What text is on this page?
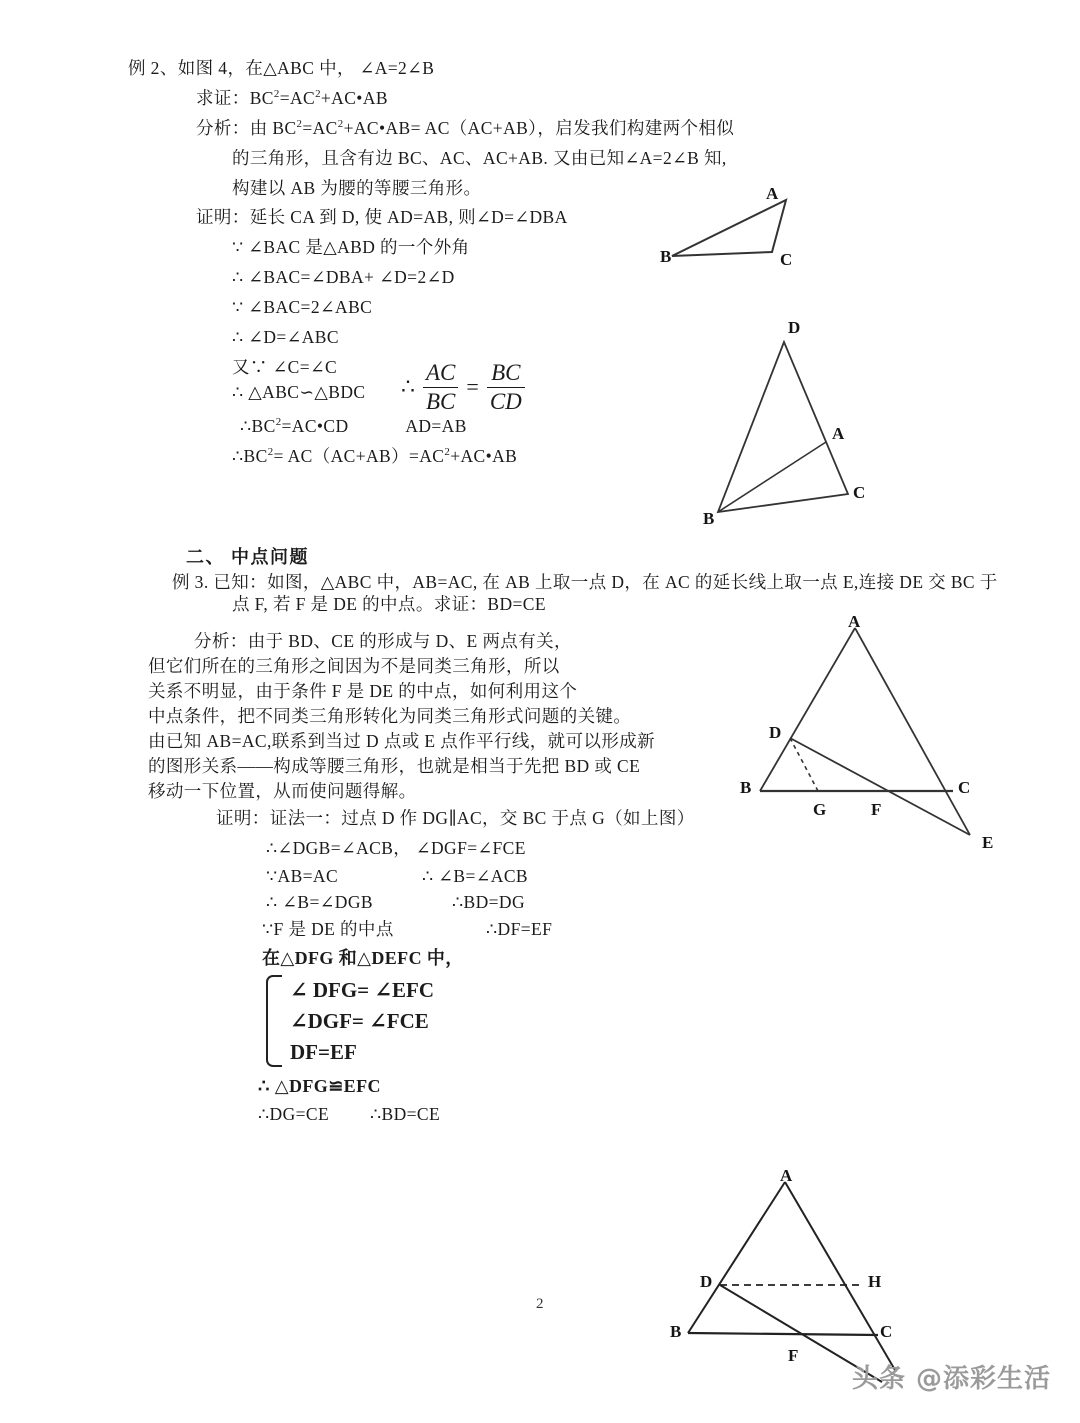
例 2、如图 4，在△ABC 中， ∠A=2∠B
求证：$BC^2=AC^2+AC•AB$
分析：由 $BC^2=AC^2+AC•AB= AC(AC+AB)$，启发我们构建两个相似
的三角形，且含有边 BC、AC、AC+AB. 又由已知∠A=2∠B 知,
构建以 AB 为腰的等腰三角形。
证明：延长 CA 到 D, 使 AD=AB, 则∠D=∠DBA
∵ ∠BAC 是△ABD 的一个外角
∴ ∠BAC=∠DBA+ ∠D=2∠D
∵ ∠BAC=2∠ABC
∴ ∠D=∠ABC
又∵ ∠C=∠C
∴ △ABC∽△BDC ∴ $\frac{AC}{BC} = \frac{BC}{CD}$
$\therefore BC^2=AC•CD$	AD=AB
$\therefore BC^2=$ $AC(AC+AB)=AC^2+AC•AB$
A
B	C
D
A
B
C
二、 中点问题
例 3. 已知：如图，△ABC 中，AB=AC, 在 AB 上取一点 D，在 AC 的延长线上取一点 E,连接 DE 交 BC 于
点 F, 若 F 是 DE 的中点。求证：BD=CE
分析：由于 BD、CE 的形成与 D、E 两点有关，
但它们所在的三角形之间因为不是同类三角形，所以
关系不明显，由于条件 F 是 DE 的中点，如何利用这个
中点条件，把不同类三角形转化为同类三角形式问题的关键。
由已知 AB=AC,联系到当过 D 点或 E 点作平行线，就可以形成新
的图形关系——构成等腰三角形，也就是相当于先把 BD 或 CE
移动一下位置，从而使问题得解。
证明：证法一：过点 D 作 DG∥AC，交 BC 于点 G（如上图）
∴∠DGB=∠ACB， ∠DGF=∠FCE
∵AB=AC	∴ ∠B=∠ACB
∴ ∠B=∠DGB	∴BD=DG
∵F 是 DE 的中点	∴DF=EF
在△DFG 和△DEFC 中，
∠ DFG= ∠EFC
∠DGF= ∠FCE
DF=EF
∴ △DFG≌EFC
∴DG=CE ∴BD=CE
A
D
B
G	F
C
E
A
D	H
B
F
C
2
头条 @添彩生活
